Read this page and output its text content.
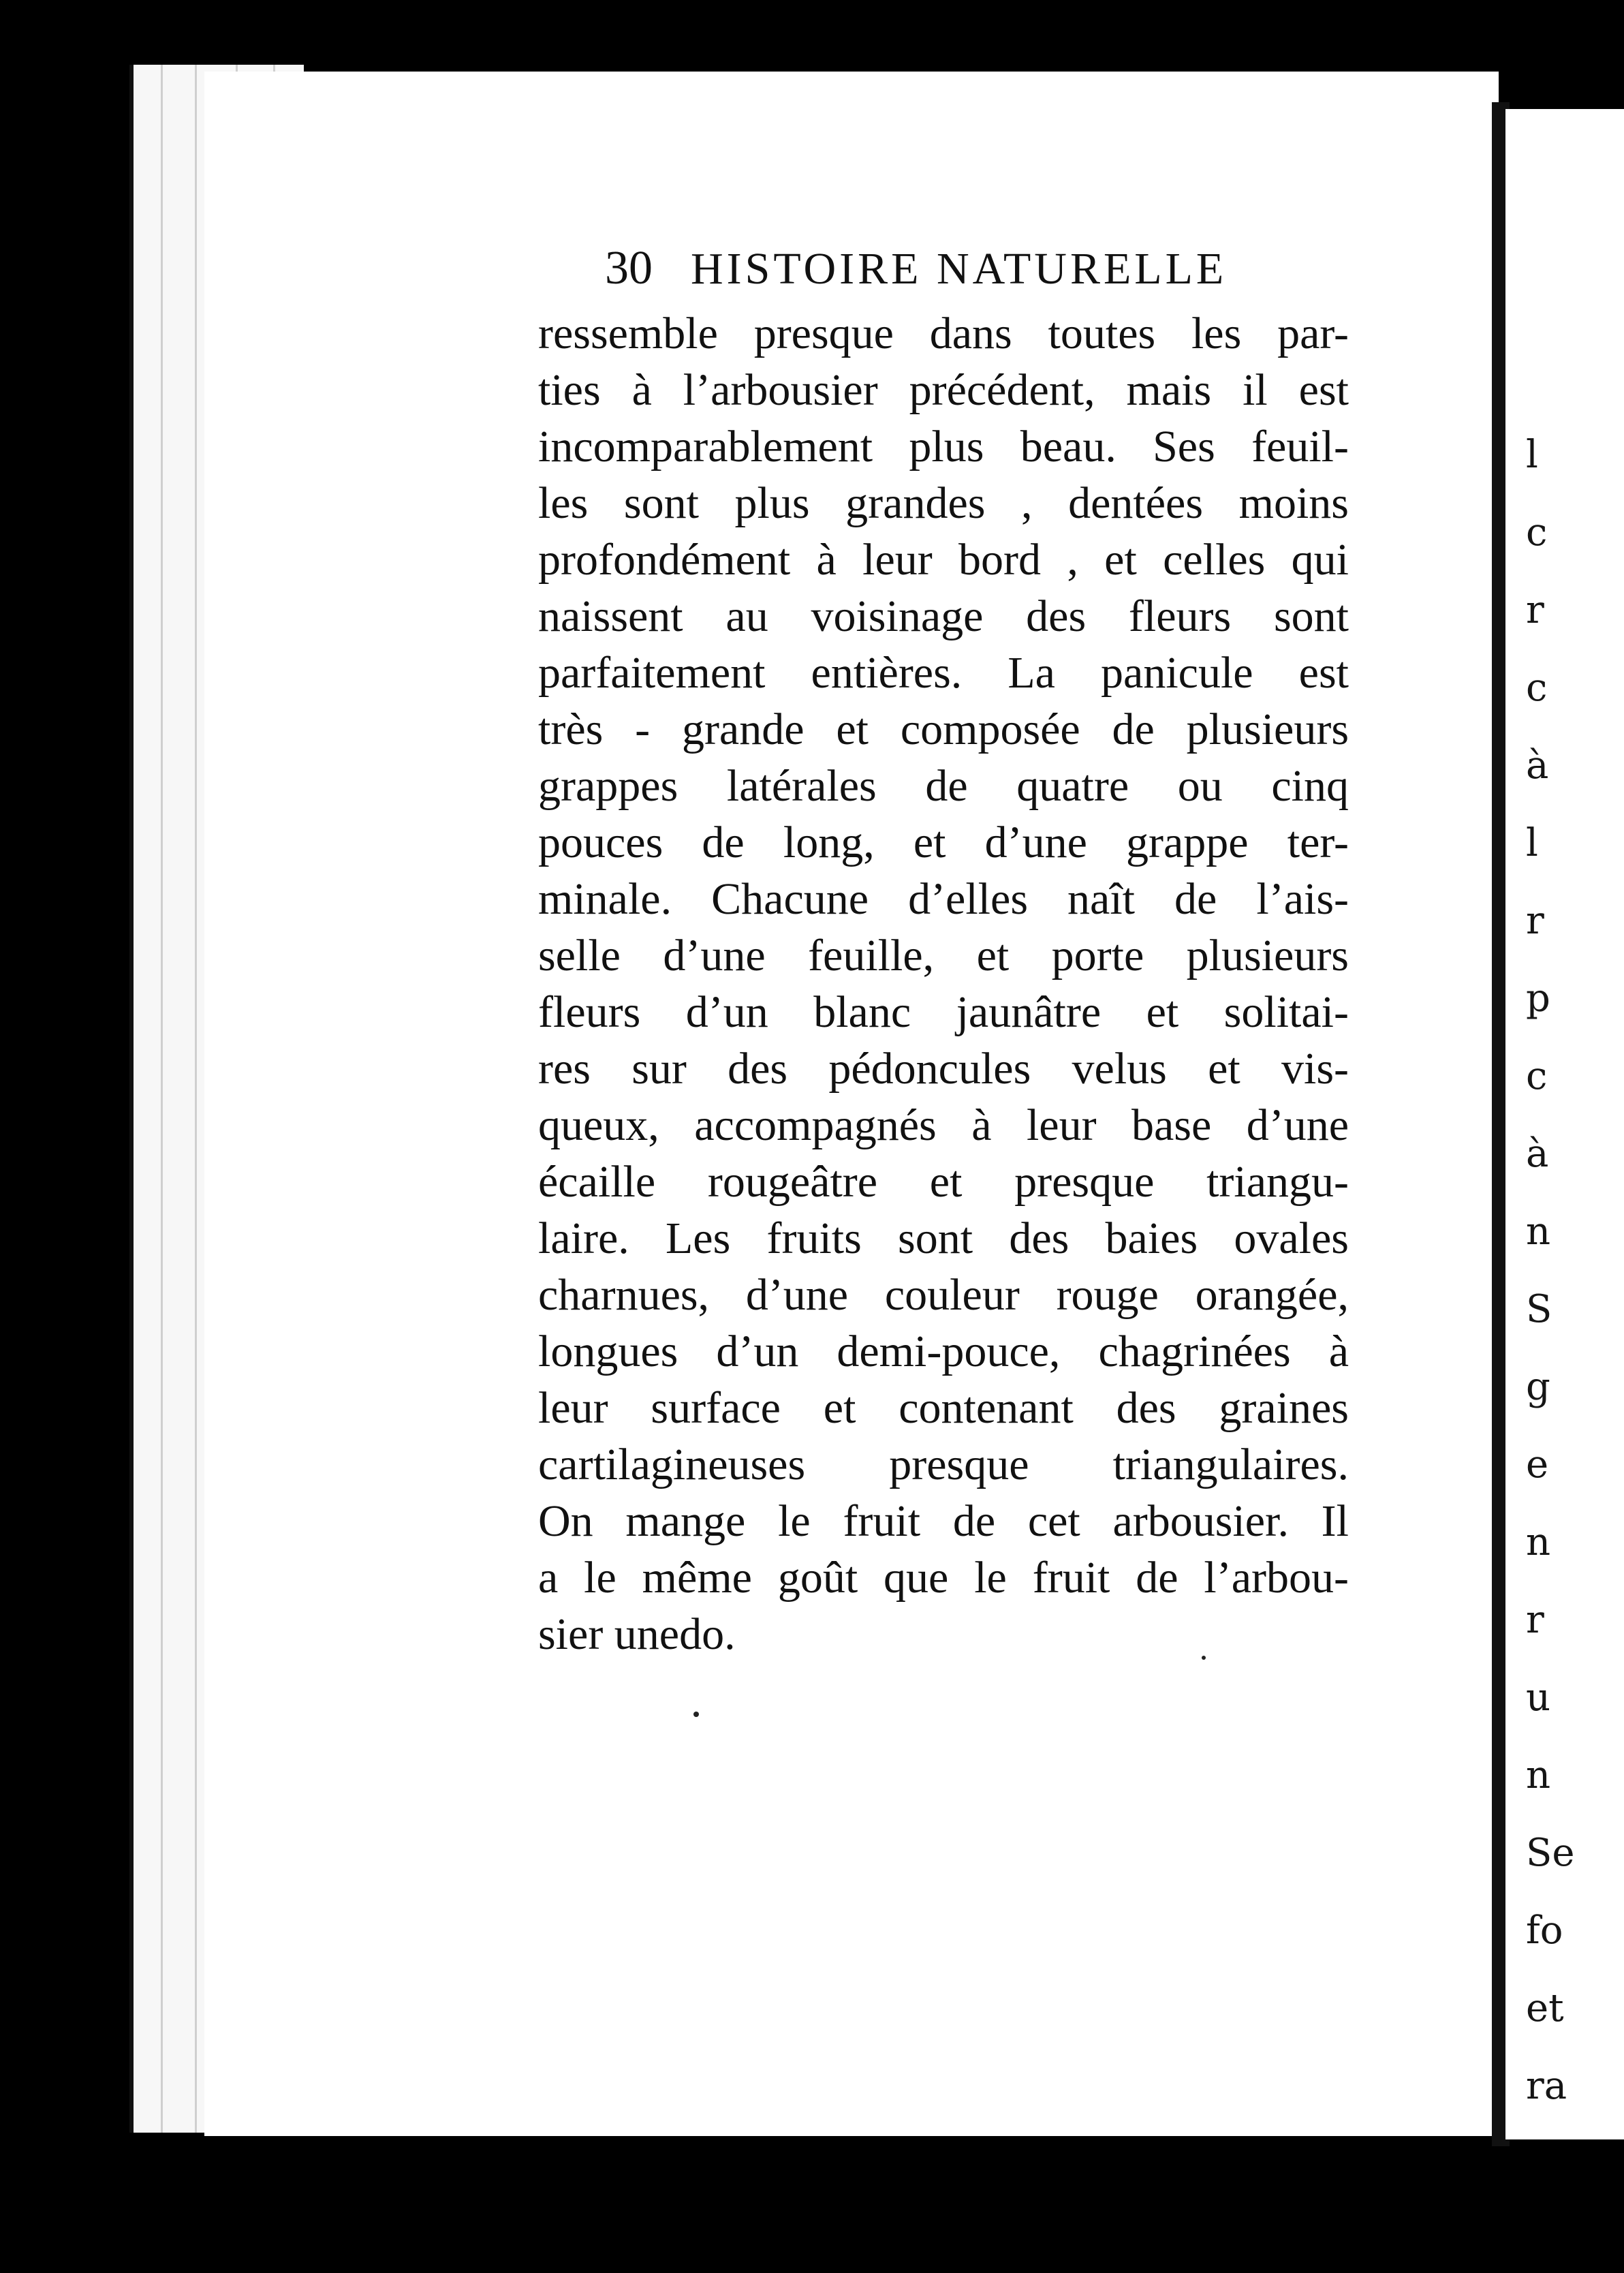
l
c
r
c
à
l
r
p
c
à
n
S
g
e
n
r
u
n
Se
fo
et
ra
30 HISTOIRE NATURELLE
ressemble presque dans toutes les par-
ties à l’arbousier précédent, mais il est
incomparablement plus beau. Ses feuil-
les sont plus grandes , dentées moins
profondément à leur bord , et celles qui
naissent au voisinage des fleurs sont
parfaitement entières. La panicule est
très - grande et composée de plusieurs
grappes latérales de quatre ou cinq
pouces de long, et d’une grappe ter-
minale. Chacune d’elles naît de l’ais-
selle d’une feuille, et porte plusieurs
fleurs d’un blanc jaunâtre et solitai-
res sur des pédoncules velus et vis-
queux, accompagnés à leur base d’une
écaille rougeâtre et presque triangu-
laire. Les fruits sont des baies ovales
charnues, d’une couleur rouge orangée,
longues d’un demi-pouce, chagrinées à
leur surface et contenant des graines
cartilagineuses presque triangulaires.
On mange le fruit de cet arbousier. Il
a le même goût que le fruit de l’arbou-
sier unedo.
